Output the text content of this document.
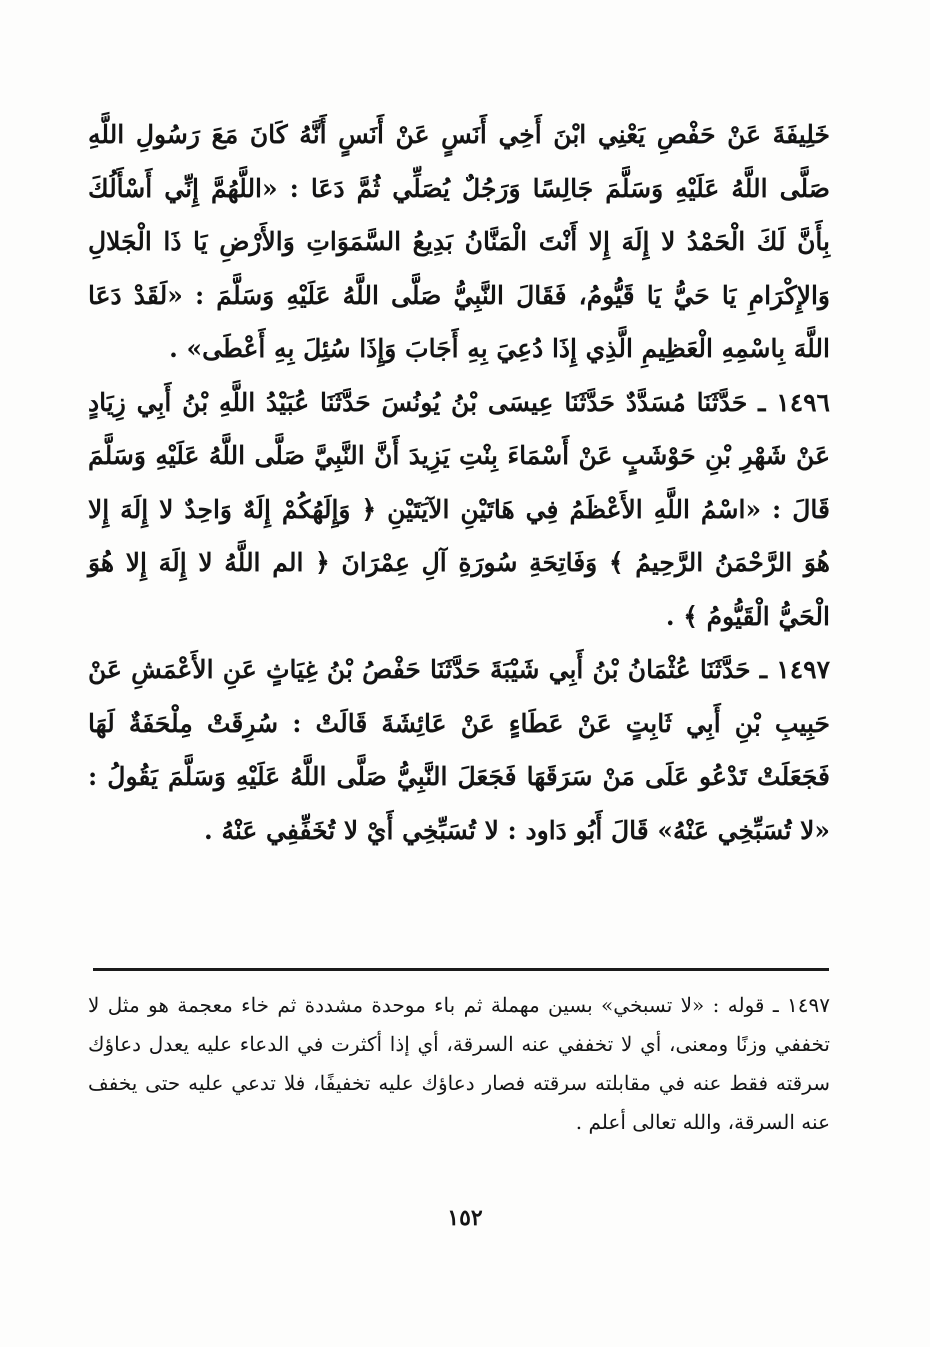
خَلِيفَةَ عَنْ حَفْصِ يَعْنِي ابْنَ أَخِي أَنَسٍ عَنْ أَنَسٍ أَنَّهُ كَانَ مَعَ رَسُولِ اللَّهِ صَلَّى اللَّهُ عَلَيْهِ وَسَلَّمَ جَالِسًا وَرَجُلٌ يُصَلِّي ثُمَّ دَعَا : «اللَّهُمَّ إِنِّي أَسْأَلُكَ بِأَنَّ لَكَ الْحَمْدُ لا إِلَهَ إِلا أَنْتَ الْمَنَّانُ بَدِيعُ السَّمَوَاتِ وَالأَرْضِ يَا ذَا الْجَلالِ وَالإِكْرَامِ يَا حَيُّ يَا قَيُّومُ، فَقَالَ النَّبِيُّ صَلَّى اللَّهُ عَلَيْهِ وَسَلَّمَ : «لَقَدْ دَعَا اللَّهَ بِاسْمِهِ الْعَظِيمِ الَّذِي إِذَا دُعِيَ بِهِ أَجَابَ وَإِذَا سُئِلَ بِهِ أَعْطَى» .

١٤٩٦ ـ حَدَّثَنَا مُسَدَّدٌ حَدَّثَنَا عِيسَى بْنُ يُونُسَ حَدَّثَنَا عُبَيْدُ اللَّهِ بْنُ أَبِي زِيَادٍ عَنْ شَهْرِ بْنِ حَوْشَبٍ عَنْ أَسْمَاءَ بِنْتِ يَزِيدَ أَنَّ النَّبِيَّ صَلَّى اللَّهُ عَلَيْهِ وَسَلَّمَ قَالَ : «اسْمُ اللَّهِ الأَعْظَمُ فِي هَاتَيْنِ الآيَتَيْنِ ﴿ وَإِلَهُكُمْ إِلَهٌ وَاحِدٌ لا إِلَهَ إِلا هُوَ الرَّحْمَنُ الرَّحِيمُ ﴾ وَفَاتِحَةِ سُورَةِ آلِ عِمْرَانَ ﴿ الم اللَّهُ لا إِلَهَ إِلا هُوَ الْحَيُّ الْقَيُّومُ ﴾ .

١٤٩٧ ـ حَدَّثَنَا عُثْمَانُ بْنُ أَبِي شَيْبَةَ حَدَّثَنَا حَفْصُ بْنُ غِيَاثٍ عَنِ الأَعْمَشِ عَنْ حَبِيبِ بْنِ أَبِي ثَابِتٍ عَنْ عَطَاءٍ عَنْ عَائِشَةَ قَالَتْ : سُرِقَتْ مِلْحَفَةٌ لَهَا فَجَعَلَتْ تَدْعُو عَلَى مَنْ سَرَقَهَا فَجَعَلَ النَّبِيُّ صَلَّى اللَّهُ عَلَيْهِ وَسَلَّمَ يَقُولُ : «لا تُسَبِّخِي عَنْهُ» قَالَ أَبُو دَاود : لا تُسَبِّخِي أَيْ لا تُخَفِّفِي عَنْهُ .

١٤٩٧ ـ قوله : «لا تسبخي» بسين مهملة ثم باء موحدة مشددة ثم خاء معجمة هو مثل لا تخففي وزنًا ومعنى، أي لا تخففي عنه السرقة، أي إذا أكثرت في الدعاء عليه يعدل دعاؤك سرقته فقط عنه في مقابلته سرقته فصار دعاؤك عليه تخفيفًا، فلا تدعي عليه حتى يخفف عنه السرقة، والله تعالى أعلم .

١٥٢
